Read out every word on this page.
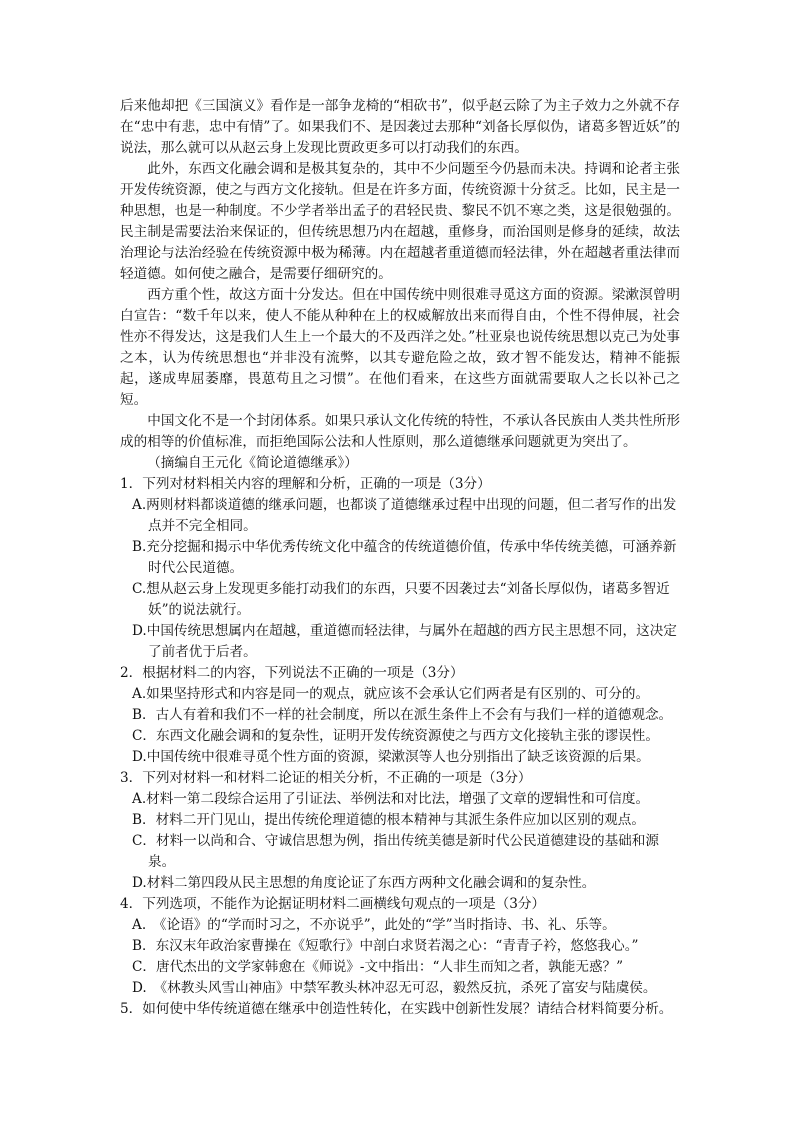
后来他却把《三国演义》看作是一部争龙椅的“相砍书”，似乎赵云除了为主子效力之外就不存在“忠中有悲，忠中有情”了。如果我们不、是因袭过去那种“刘备长厚似伪，诸葛多智近妖”的说法，那么就可以从赵云身上发现比贾政更多可以打动我们的东西。

此外，东西文化融会调和是极其复杂的，其中不少问题至今仍悬而未决。持调和论者主张开发传统资源，使之与西方文化接轨。但是在许多方面，传统资源十分贫乏。比如，民主是一种思想，也是一种制度。不少学者举出孟子的君轻民贵、黎民不饥不寒之类，这是很勉强的。民主制是需要法治来保证的，但传统思想乃内在超越，重修身，而治国则是修身的延续，故法治理论与法治经验在传统资源中极为稀薄。内在超越者重道德而轻法律，外在超越者重法律而轻道德。如何使之融合，是需要仔细研究的。

西方重个性，故这方面十分发达。但在中国传统中则很难寻觅这方面的资源。梁漱溟曾明白宣告：“数千年以来，使人不能从种种在上的权威解放出来而得自由，个性不得伸展，社会性亦不得发达，这是我们人生上一个最大的不及西洋之处。”杜亚泉也说传统思想以克己为处事之本，认为传统思想也“并非没有流弊，以其专避危险之故，致才智不能发达，精神不能振起，遂成卑屈萎靡，畏葸苟且之习惯”。在他们看来，在这些方面就需要取人之长以补己之短。

中国文化不是一个封闭体系。如果只承认文化传统的特性，不承认各民族由人类共性所形成的相等的价值标准，而拒绝国际公法和人性原则，那么道德继承问题就更为突出了。

（摘编自王元化《简论道德继承》）

1．下列对材料相关内容的理解和分析，正确的一项是（3分）

A.两则材料都谈道德的继承问题，也都谈了道德继承过程中出现的问题，但二者写作的出发点并不完全相同。

B.充分挖掘和揭示中华优秀传统文化中蕴含的传统道德价值，传承中华传统美德，可涵养新时代公民道德。

C.想从赵云身上发现更多能打动我们的东西，只要不因袭过去“刘备长厚似伪，诸葛多智近妖”的说法就行。

D.中国传统思想属内在超越，重道德而轻法律，与属外在超越的西方民主思想不同，这决定了前者优于后者。

2．根据材料二的内容，下列说法不正确的一项是（3分）

A.如果坚持形式和内容是同一的观点，就应该不会承认它们两者是有区别的、可分的。

B．古人有着和我们不一样的社会制度，所以在派生条件上不会有与我们一样的道德观念。

C．东西文化融会调和的复杂性，证明开发传统资源使之与西方文化接轨主张的谬误性。

D.中国传统中很难寻觅个性方面的资源，梁漱溟等人也分别指出了缺乏该资源的后果。

3．下列对材料一和材料二论证的相关分析，不正确的一项是（3分）

A.材料一第二段综合运用了引证法、举例法和对比法，增强了文章的逻辑性和可信度。

B．材料二开门见山，提出传统伦理道德的根本精神与其派生条件应加以区别的观点。

C．材料一以尚和合、守诚信思想为例，指出传统美德是新时代公民道德建设的基础和源泉。

D.材料二第四段从民主思想的角度论证了东西方两种文化融会调和的复杂性。

4．下列选项，不能作为论据证明材料二画横线句观点的一项是（3分）

A.　《论语》的“学而时习之，不亦说乎”，此处的“学”当时指诗、书、礼、乐等。

B．东汉末年政治家曹操在《短歌行》中剖白求贤若渴之心：“青青子衿，悠悠我心。”

C．唐代杰出的文学家韩愈在《师说》-文中指出：“人非生而知之者，孰能无惑？”

D.　《林教头风雪山神庙》中禁军教头林冲忍无可忍，毅然反抗，杀死了富安与陆虞侯。

5．如何使中华传统道德在继承中创造性转化，在实践中创新性发展？请结合材料简要分析。
